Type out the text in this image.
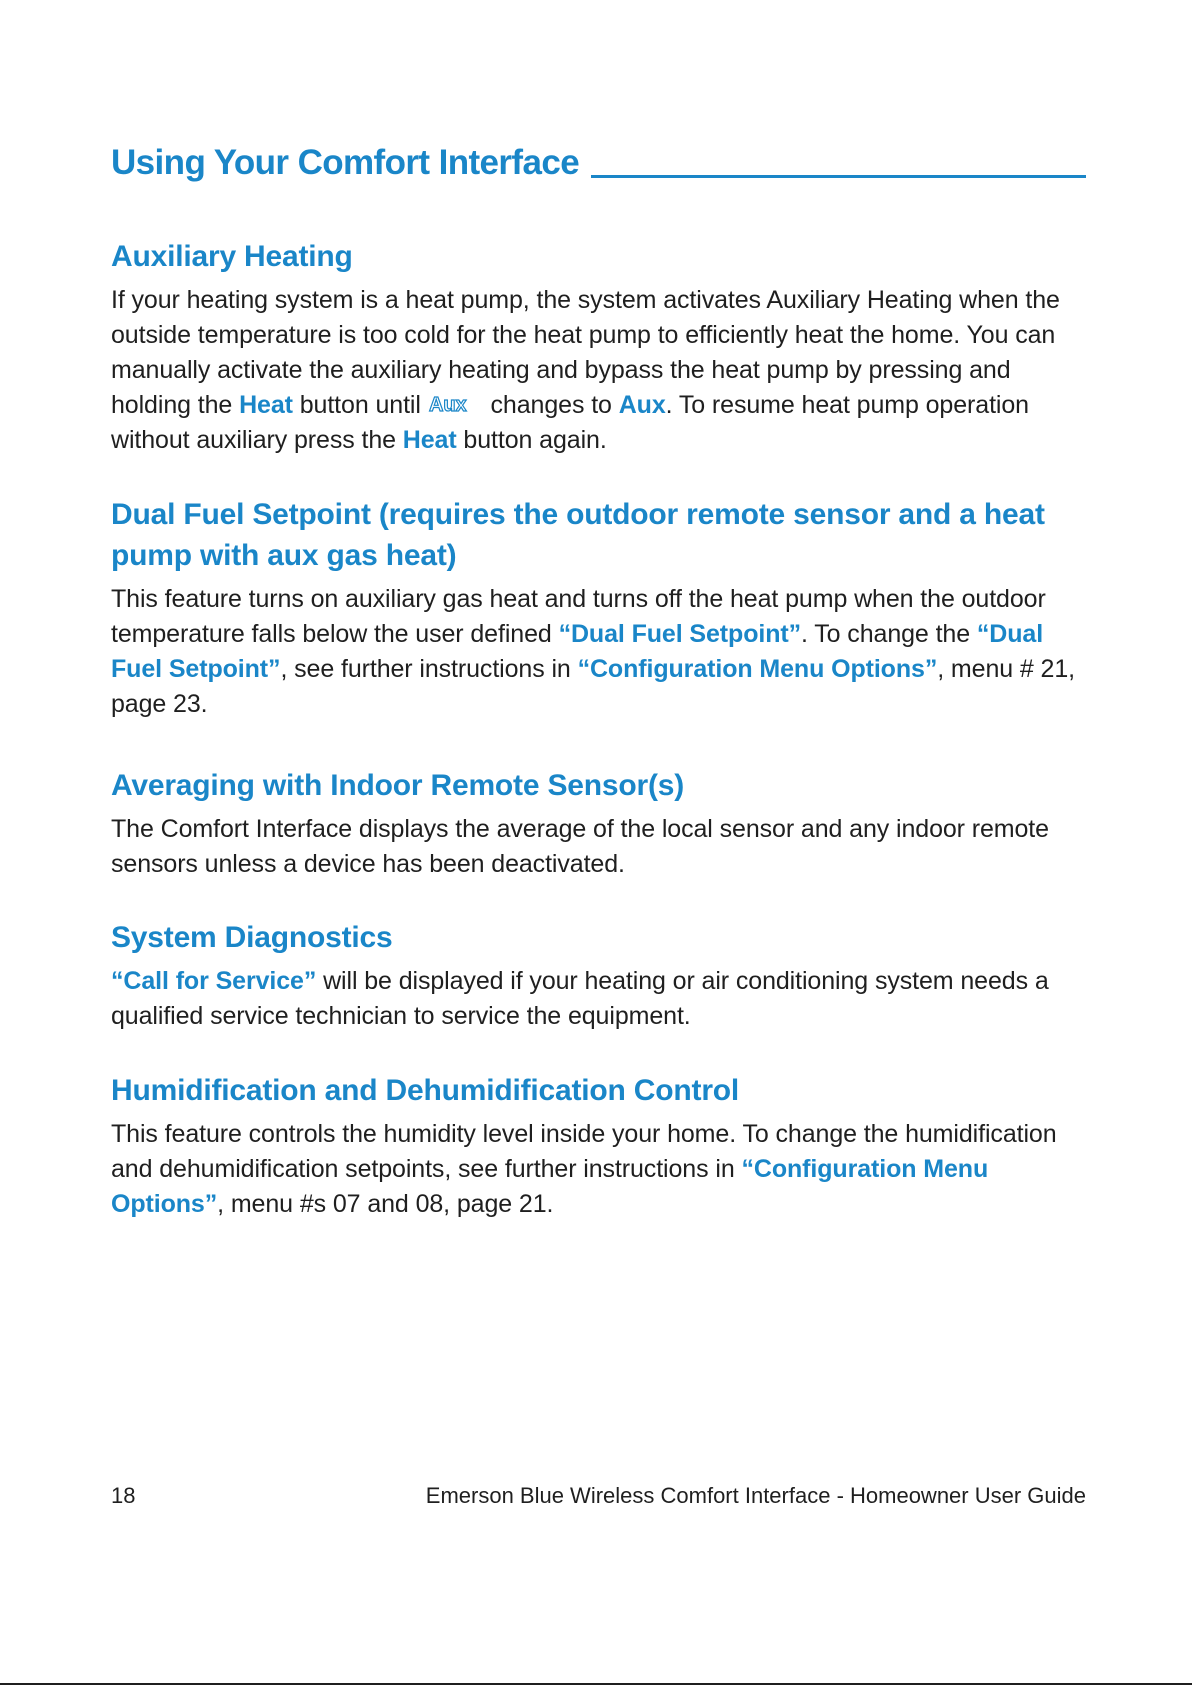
Using Your Comfort Interface
Auxiliary Heating

If your heating system is a heat pump, the system activates Auxiliary Heating when the outside temperature is too cold for the heat pump to efficiently heat the home. You can manually activate the auxiliary heating and bypass the heat pump by pressing and holding the Heat button until Aux changes to Aux. To resume heat pump operation without auxiliary press the Heat button again.

Dual Fuel Setpoint (requires the outdoor remote sensor and a heat pump with aux gas heat)

This feature turns on auxiliary gas heat and turns off the heat pump when the outdoor temperature falls below the user defined “Dual Fuel Setpoint”. To change the “Dual Fuel Setpoint”, see further instructions in “Configuration Menu Options”, menu # 21, page 23.

Averaging with Indoor Remote Sensor(s)

The Comfort Interface displays the average of the local sensor and any indoor remote sensors unless a device has been deactivated.

System Diagnostics

“Call for Service” will be displayed if your heating or air conditioning system needs a qualified service technician to service the equipment.

Humidification and Dehumidification Control

This feature controls the humidity level inside your home. To change the humidification and dehumidification setpoints, see further instructions in “Configuration Menu Options”, menu #s 07 and 08, page 21.

18	Emerson Blue Wireless Comfort Interface - Homeowner User Guide
